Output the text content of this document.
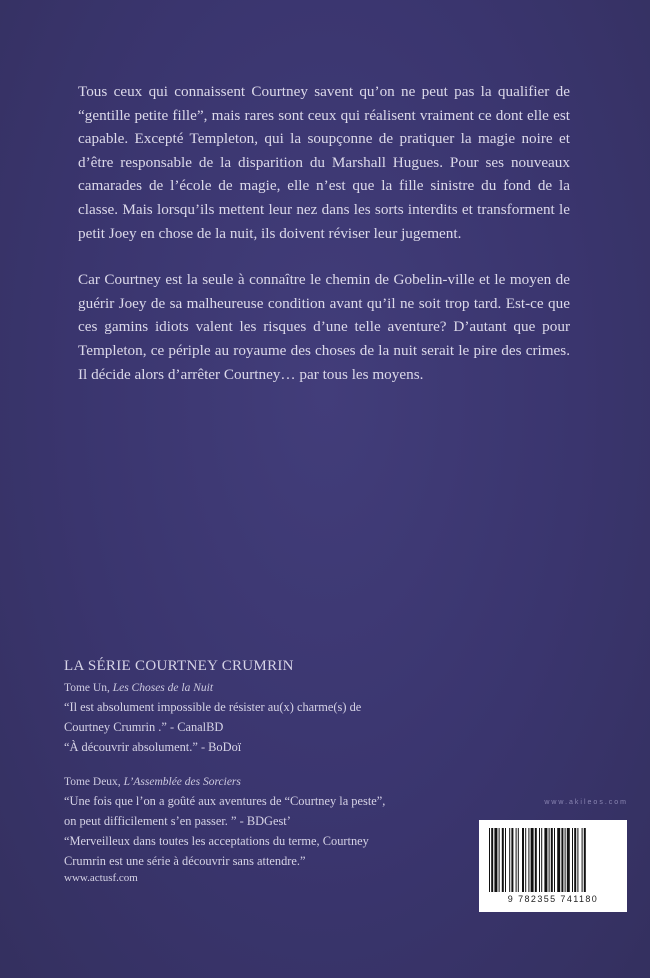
Tous ceux qui connaissent Courtney savent qu’on ne peut pas la qualifier de “gentille petite fille”, mais rares sont ceux qui réalisent vraiment ce dont elle est capable. Excepté Templeton, qui la soupçonne de pratiquer la magie noire et d’être responsable de la disparition du Marshall Hugues. Pour ses nouveaux camarades de l’école de magie, elle n’est que la fille sinistre du fond de la classe. Mais lorsqu’ils mettent leur nez dans les sorts interdits et transforment le petit Joey en chose de la nuit, ils doivent réviser leur jugement.

Car Courtney est la seule à connaître le chemin de Gobelin-ville et le moyen de guérir Joey de sa malheureuse condition avant qu’il ne soit trop tard. Est-ce que ces gamins idiots valent les risques d’une telle aventure? D’autant que pour Templeton, ce périple au royaume des choses de la nuit serait le pire des crimes. Il décide alors d’arrêter Courtney… par tous les moyens.

LA SÉRIE COURTNEY CRUMRIN
Tome Un, Les Choses de la Nuit
“Il est absolument impossible de résister au(x) charme(s) de
Courtney Crumrin .” - CanalBD
“À découvrir absolument.” - BoDoï
Tome Deux, L’Assemblée des Sorciers
“Une fois que l’on a goûté aux aventures de “Courtney la peste”,
on peut difficilement s’en passer. ” - BDGest’
“Merveilleux dans toutes les acceptations du terme, Courtney
Crumrin est une série à découvrir sans attendre.”
www.actusf.com
www.akileos.com
9 782355 741180
